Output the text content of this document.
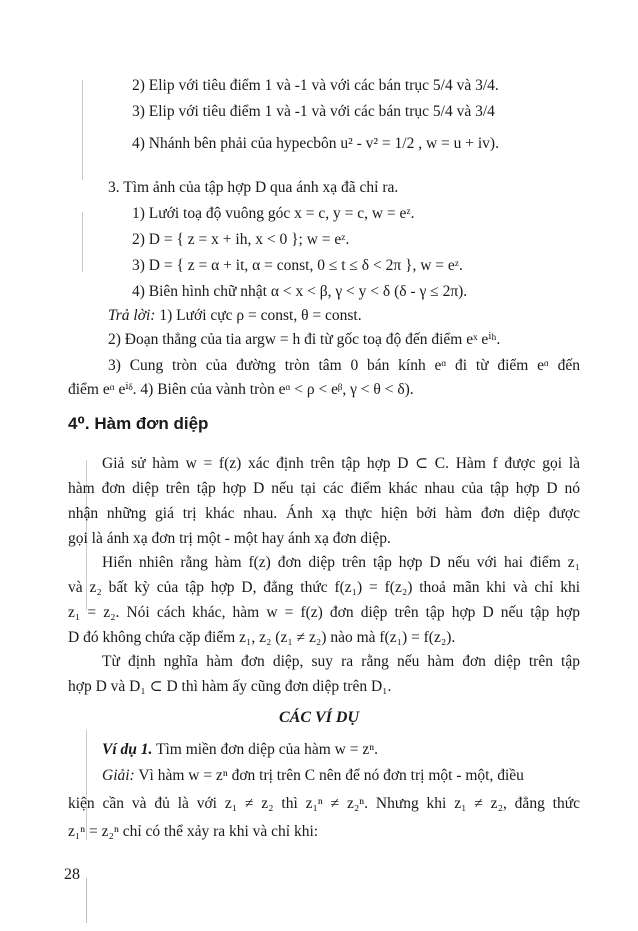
2) Elip với tiêu điểm 1 và -1 và với các bán trục 5/4 và 3/4.
3) Elip với tiêu điểm 1 và -1 và với các bán trục 5/4 và 3/4
4) Nhánh bên phải của hypecbôn u² - v² = 1/2 , w = u + iv).
3. Tìm ảnh của tập hợp D qua ánh xạ đã chỉ ra.
1) Lưới toạ độ vuông góc x = c, y = c, w = eᶻ.
2) D = { z = x + ih, x < 0 }; w = eᶻ.
3) D = { z = α + it, α = const, 0 ≤ t ≤ δ < 2π }, w = eᶻ.
4) Biên hình chữ nhật α < x < β, γ < y < δ (δ - γ ≤ 2π).
Trả lời: 1) Lưới cực ρ = const, θ = const.
2) Đoạn thẳng của tia argw = h đi từ gốc toạ độ đến điểm eˣ eⁱʰ.
3) Cung tròn của đường tròn tâm 0 bán kính eᵅ đi từ điểm eᵅ đến
điểm eᵅ eⁱᵟ. 4) Biên của vành tròn eᵅ < ρ < eᵝ, γ < θ < δ).
4⁰. Hàm đơn diệp
Giả sử hàm w = f(z) xác định trên tập hợp D ⊂ C. Hàm f được gọi là
hàm đơn diệp trên tập hợp D nếu tại các điểm khác nhau của tập hợp D nó
nhận những giá trị khác nhau. Ánh xạ thực hiện bởi hàm đơn diệp được
gọi là ánh xạ đơn trị một - một hay ánh xạ đơn diệp.
Hiển nhiên rằng hàm f(z) đơn diệp trên tập hợp D nếu với hai điểm z₁
và z₂ bất kỳ của tập hợp D, đẳng thức f(z₁) = f(z₂) thoả mãn khi và chỉ khi
z₁ = z₂. Nói cách khác, hàm w = f(z) đơn diệp trên tập hợp D nếu tập hợp
D đó không chứa cặp điểm z₁, z₂ (z₁ ≠ z₂) nào mà f(z₁) = f(z₂).
Từ định nghĩa hàm đơn diệp, suy ra rằng nếu hàm đơn diệp trên tập
hợp D và D₁ ⊂ D thì hàm ấy cũng đơn diệp trên D₁.
CÁC VÍ DỤ
Ví dụ 1. Tìm miền đơn diệp của hàm w = zⁿ.
Giải: Vì hàm w = zⁿ đơn trị trên C nên để nó đơn trị một - một, điều
kiện cần và đủ là với z₁ ≠ z₂ thì z₁ⁿ ≠ z₂ⁿ. Nhưng khi z₁ ≠ z₂, đẳng thức
z₁ⁿ = z₂ⁿ chỉ có thể xảy ra khi và chỉ khi:
28
